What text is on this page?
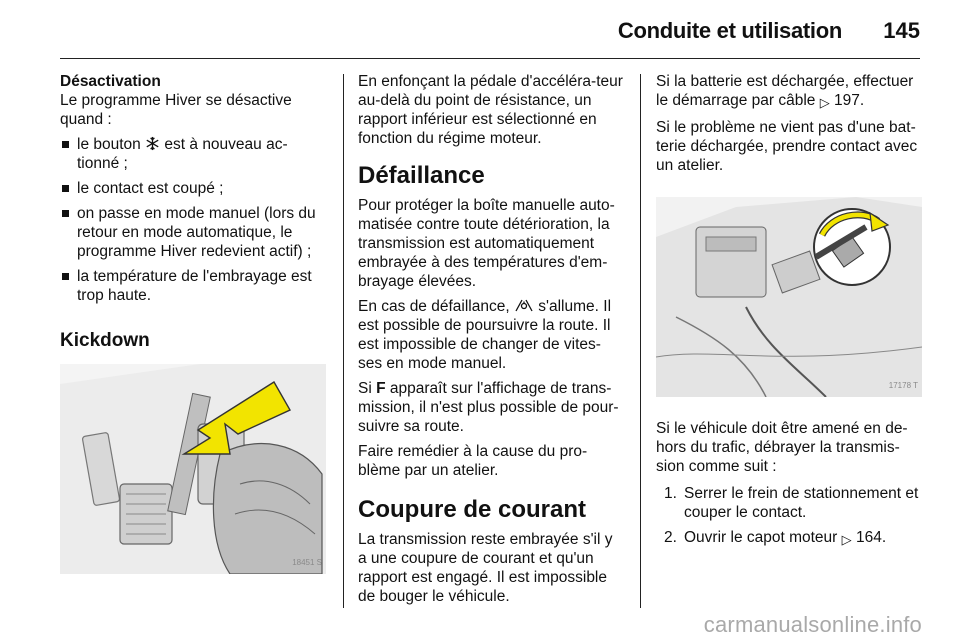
Conduite et utilisation 145
Désactivation

Le programme Hiver se désactive quand :

le bouton est à nouveau ac-tionné ;
le contact est coupé ;
on passe en mode manuel (lors du retour en mode automatique, le programme Hiver redevient actif) ;
la température de l'embrayage est trop haute.
Kickdown
18451 S

En enfonçant la pédale d'accéléra-teur au-delà du point de résistance, un rapport inférieur est sélectionné en fonction du régime moteur.

Défaillance

Pour protéger la boîte manuelle auto-matisée contre toute détérioration, la transmission est automatiquement embrayée à des températures d'em-brayage élevées.

En cas de défaillance, s'allume. Il est possible de poursuivre la route. Il est impossible de changer de vites-ses en mode manuel.

Si F apparaît sur l'affichage de trans-mission, il n'est plus possible de pour-suivre sa route.

Faire remédier à la cause du pro-blème par un atelier.

Coupure de courant

La transmission reste embrayée s'il y a une coupure de courant et qu'un rapport est engagé. Il est impossible de bouger le véhicule.

Si la batterie est déchargée, effectuer le démarrage par câble ▷ 197.

Si le problème ne vient pas d'une bat-terie déchargée, prendre contact avec un atelier.

17178 T

Si le véhicule doit être amené en de-hors du trafic, débrayer la transmis-sion comme suit :

1. Serrer le frein de stationnement et couper le contact.
2. Ouvrir le capot moteur ▷ 164.
carmanualsonline.info
